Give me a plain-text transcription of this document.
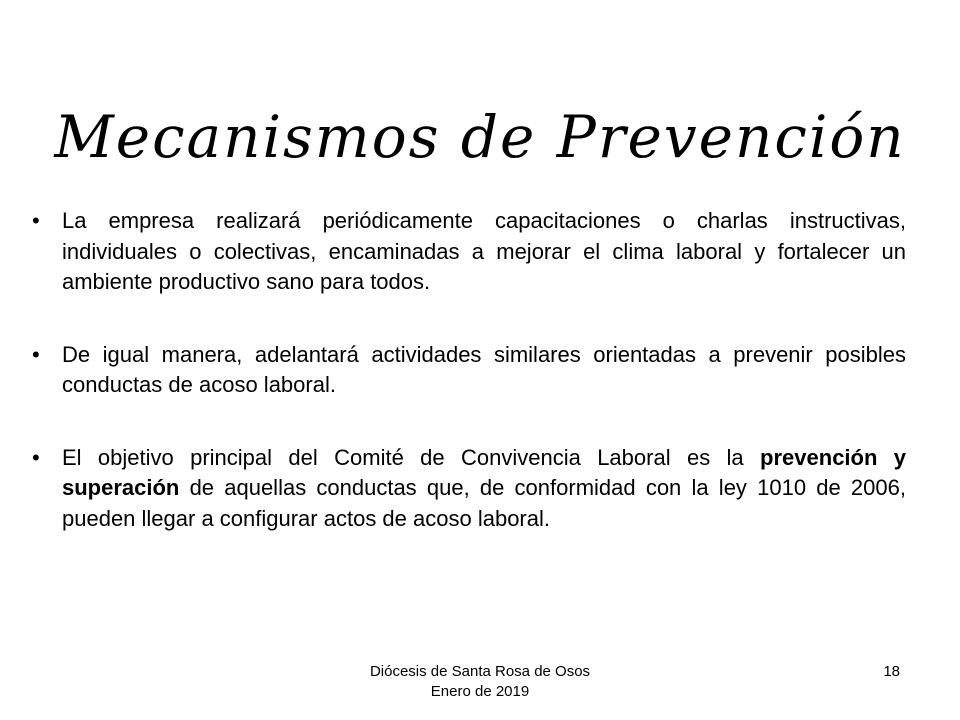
Mecanismos de Prevención
• La empresa realizará periódicamente capacitaciones o charlas instructivas, individuales o colectivas, encaminadas a mejorar el clima laboral y fortalecer un ambiente productivo sano para todos.
• De igual manera, adelantará actividades similares orientadas a prevenir posibles conductas de acoso laboral.
• El objetivo principal del Comité de Convivencia Laboral es la prevención y superación de aquellas conductas que, de conformidad con la ley 1010 de 2006, pueden llegar a configurar actos de acoso laboral.
Diócesis de Santa Rosa de Osos
Enero de 2019
18
